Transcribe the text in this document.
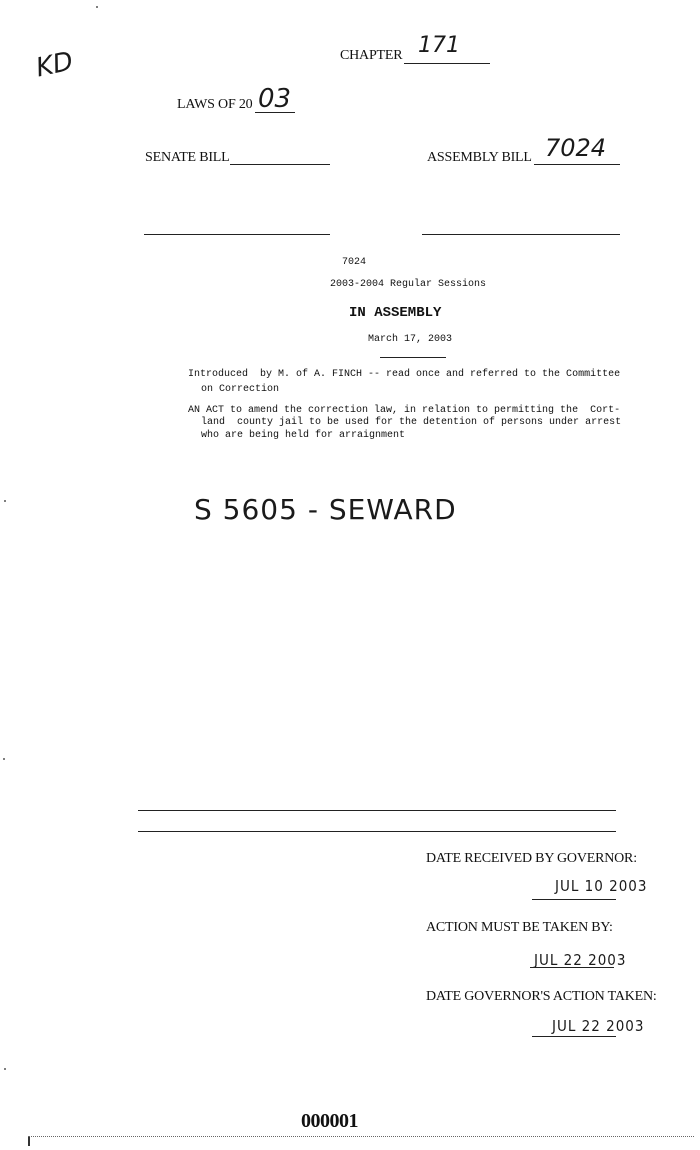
KD	CHAPTER 171
LAWS OF 20 03
SENATE BILL	ASSEMBLY BILL 7024
7024
2003-2004 Regular Sessions
IN ASSEMBLY
March 17, 2003
Introduced  by M. of A. FINCH -- read once and referred to the Committee
on Correction
AN ACT to amend the correction law, in relation to permitting the  Cort-
land  county jail to be used for the detention of persons under arrest
who are being held for arraignment
S 5605 - SEWARD
DATE RECEIVED BY GOVERNOR:
JUL 10 2003
ACTION MUST BE TAKEN BY:
JUL 22 2003
DATE GOVERNOR'S ACTION TAKEN:
JUL 22 2003
000001
